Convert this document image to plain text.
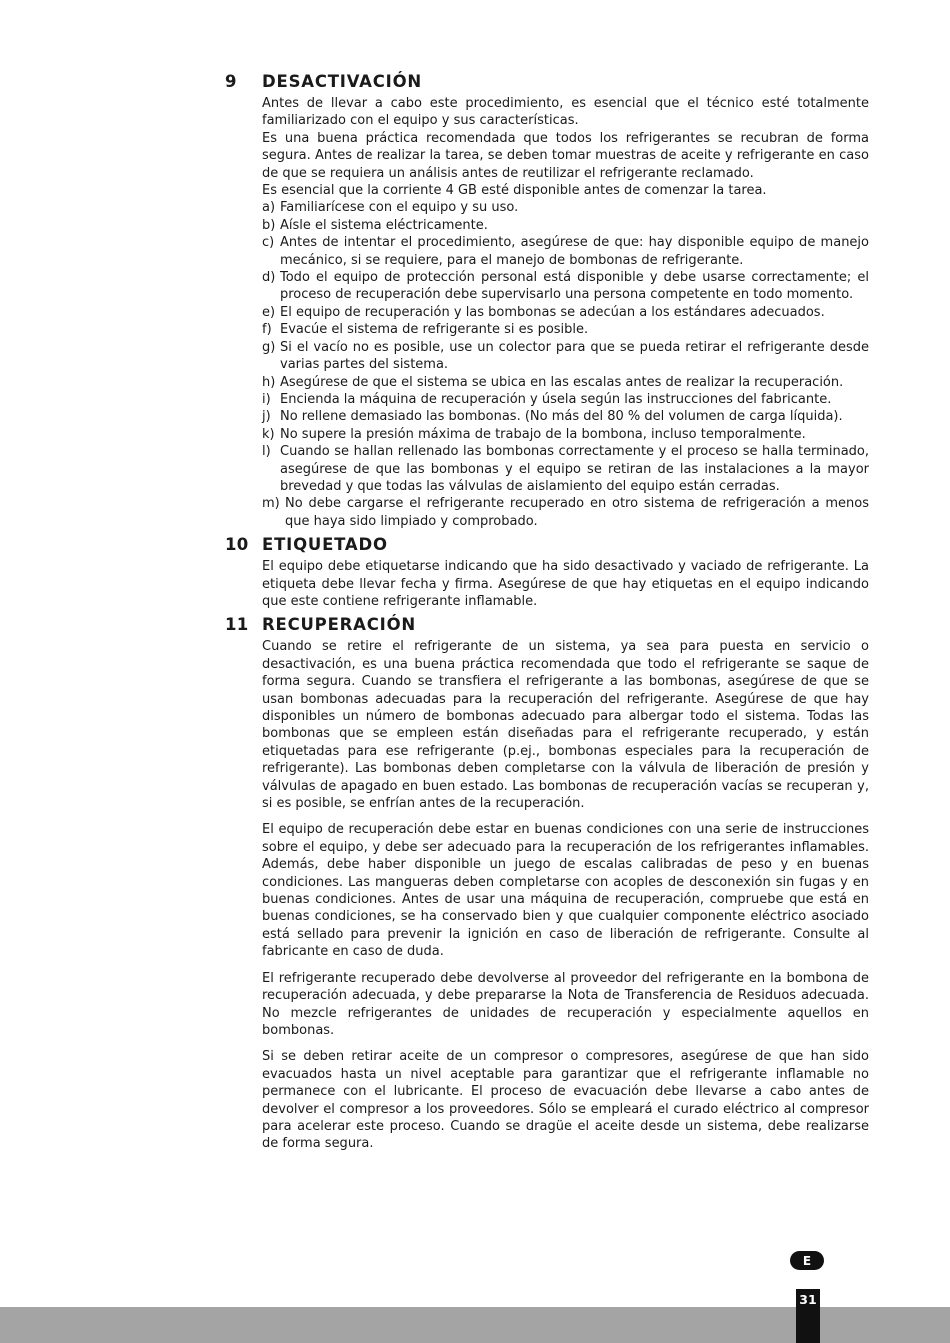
9	DESACTIVACIÓN

Antes de llevar a cabo este procedimiento, es esencial que el técnico esté totalmente familiarizado con el equipo y sus características.

Es una buena práctica recomendada que todos los refrigerantes se recubran de forma segura. Antes de realizar la tarea, se deben tomar muestras de aceite y refrigerante en caso de que se requiera un análisis antes de reutilizar el refrigerante reclamado.

Es esencial que la corriente 4 GB esté disponible antes de comenzar la tarea.

a) Familiarícese con el equipo y su uso.
b) Aísle el sistema eléctricamente.
c) Antes de intentar el procedimiento, asegúrese de que: hay disponible equipo de manejo mecánico, si se requiere, para el manejo de bombonas de refrigerante.
d) Todo el equipo de protección personal está disponible y debe usarse correctamente; el proceso de recuperación debe supervisarlo una persona competente en todo momento.
e) El equipo de recuperación y las bombonas se adecúan a los estándares adecuados.
f) Evacúe el sistema de refrigerante si es posible.
g) Si el vacío no es posible, use un colector para que se pueda retirar el refrigerante desde varias partes del sistema.
h) Asegúrese de que el sistema se ubica en las escalas antes de realizar la recuperación.
i) Encienda la máquina de recuperación y úsela según las instrucciones del fabricante.
j) No rellene demasiado las bombonas. (No más del 80 % del volumen de carga líquida).
k) No supere la presión máxima de trabajo de la bombona, incluso temporalmente.
l) Cuando se hallan rellenado las bombonas correctamente y el proceso se halla terminado, asegúrese de que las bombonas y el equipo se retiran de las instalaciones a la mayor brevedad y que todas las válvulas de aislamiento del equipo están cerradas.
m) No debe cargarse el refrigerante recuperado en otro sistema de refrigeración a menos que haya sido limpiado y comprobado.
10 ETIQUETADO

El equipo debe etiquetarse indicando que ha sido desactivado y vaciado de refrigerante. La etiqueta debe llevar fecha y firma. Asegúrese de que hay etiquetas en el equipo indicando que este contiene refrigerante inflamable.

11 RECUPERACIÓN

Cuando se retire el refrigerante de un sistema, ya sea para puesta en servicio o desactivación, es una buena práctica recomendada que todo el refrigerante se saque de forma segura. Cuando se transfiera el refrigerante a las bombonas, asegúrese de que se usan bombonas adecuadas para la recuperación del refrigerante. Asegúrese de que hay disponibles un número de bombonas adecuado para albergar todo el sistema. Todas las bombonas que se empleen están diseñadas para el refrigerante recuperado, y están etiquetadas para ese refrigerante (p.ej., bombonas especiales para la recuperación de refrigerante). Las bombonas deben completarse con la válvula de liberación de presión y válvulas de apagado en buen estado. Las bombonas de recuperación vacías se recuperan y, si es posible, se enfrían antes de la recuperación.

El equipo de recuperación debe estar en buenas condiciones con una serie de instrucciones sobre el equipo, y debe ser adecuado para la recuperación de los refrigerantes inflamables. Además, debe haber disponible un juego de escalas calibradas de peso y en buenas condiciones. Las mangueras deben completarse con acoples de desconexión sin fugas y en buenas condiciones. Antes de usar una máquina de recuperación, compruebe que está en buenas condiciones, se ha conservado bien y que cualquier componente eléctrico asociado está sellado para prevenir la ignición en caso de liberación de refrigerante. Consulte al fabricante en caso de duda.

El refrigerante recuperado debe devolverse al proveedor del refrigerante en la bombona de recuperación adecuada, y debe prepararse la Nota de Transferencia de Residuos adecuada. No mezcle refrigerantes de unidades de recuperación y especialmente aquellos en bombonas.

Si se deben retirar aceite de un compresor o compresores, asegúrese de que han sido evacuados hasta un nivel aceptable para garantizar que el refrigerante inflamable no permanece con el lubricante. El proceso de evacuación debe llevarse a cabo antes de devolver el compresor a los proveedores. Sólo se empleará el curado eléctrico al compresor para acelerar este proceso. Cuando se dragüe el aceite desde un sistema, debe realizarse de forma segura.

E
31
